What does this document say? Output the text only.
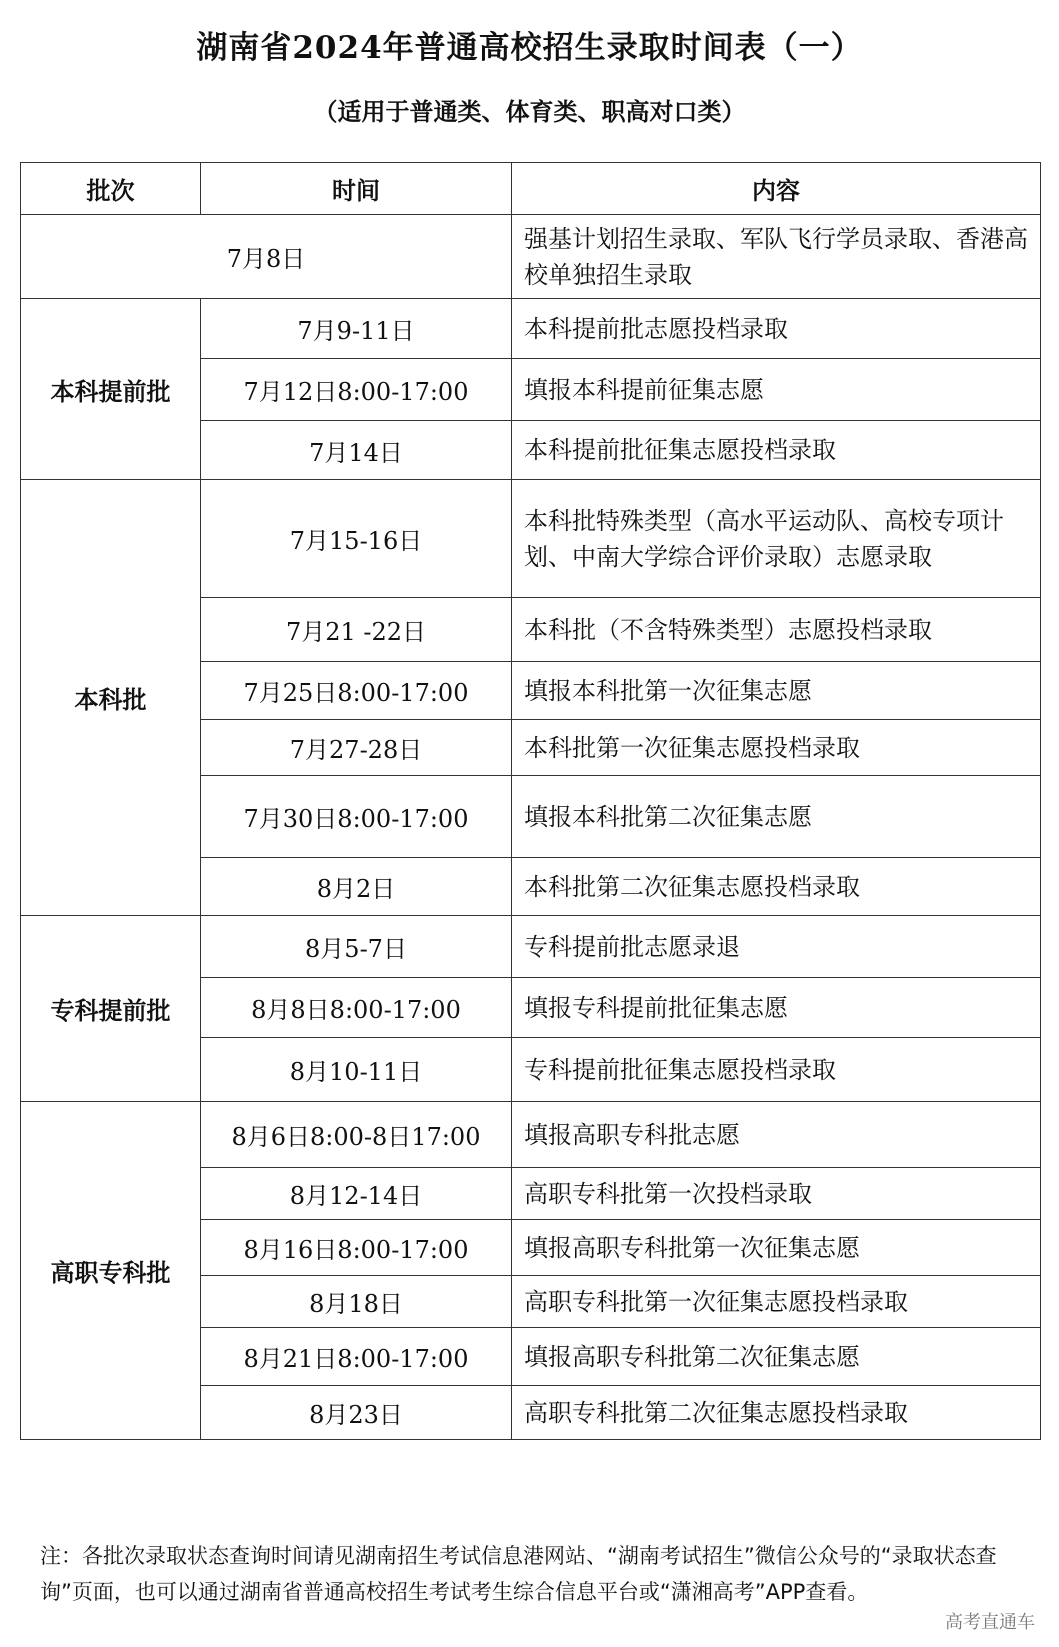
湖南省2024年普通高校招生录取时间表（一）
（适用于普通类、体育类、职高对口类）
批次	时间	内容
7月8日		强基计划招生录取、军队飞行学员录取、香港高校单独招生录取
本科提前批	7月9-11日	本科提前批志愿投档录取
	7月12日8:00-17:00	填报本科提前征集志愿
	7月14日	本科提前批征集志愿投档录取
本科批	7月15-16日	本科批特殊类型（高水平运动队、高校专项计划、中南大学综合评价录取）志愿录取
	7月21 -22日	本科批（不含特殊类型）志愿投档录取
	7月25日8:00-17:00	填报本科批第一次征集志愿
	7月27-28日	本科批第一次征集志愿投档录取
	7月30日8:00-17:00	填报本科批第二次征集志愿
	8月2日	本科批第二次征集志愿投档录取
专科提前批	8月5-7日	专科提前批志愿录退
	8月8日8:00-17:00	填报专科提前批征集志愿
	8月10-11日	专科提前批征集志愿投档录取
高职专科批	8月6日8:00-8日17:00	填报高职专科批志愿
	8月12-14日	高职专科批第一次投档录取
	8月16日8:00-17:00	填报高职专科批第一次征集志愿
	8月18日	高职专科批第一次征集志愿投档录取
	8月21日8:00-17:00	填报高职专科批第二次征集志愿
	8月23日	高职专科批第二次征集志愿投档录取
注：各批次录取状态查询时间请见湖南招生考试信息港网站、“湖南考试招生”微信公众号的“录取状态查询”页面，也可以通过湖南省普通高校招生考试考生综合信息平台或“潇湘高考”APP查看。
高考直通车
